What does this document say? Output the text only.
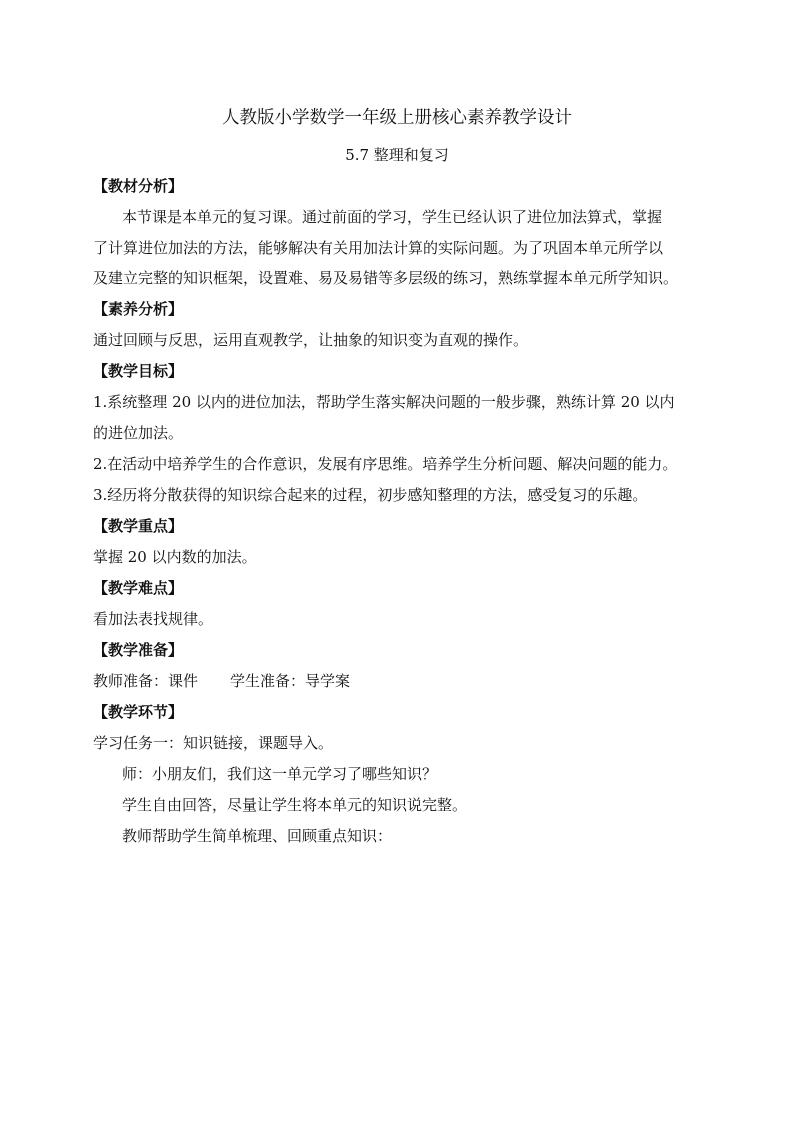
人教版小学数学一年级上册核心素养教学设计
5.7 整理和复习
【教材分析】
本节课是本单元的复习课。通过前面的学习，学生已经认识了进位加法算式，掌握
了计算进位加法的方法，能够解决有关用加法计算的实际问题。为了巩固本单元所学以
及建立完整的知识框架，设置难、易及易错等多层级的练习，熟练掌握本单元所学知识。
【素养分析】
通过回顾与反思，运用直观教学，让抽象的知识变为直观的操作。
【教学目标】
1.系统整理 20 以内的进位加法，帮助学生落实解决问题的一般步骤，熟练计算 20 以内
的进位加法。
2.在活动中培养学生的合作意识，发展有序思维。培养学生分析问题、解决问题的能力。
3.经历将分散获得的知识综合起来的过程，初步感知整理的方法，感受复习的乐趣。
【教学重点】
掌握 20 以内数的加法。
【教学难点】
看加法表找规律。
【教学准备】
教师准备：课件 学生准备：导学案
【教学环节】
学习任务一：知识链接，课题导入。
师：小朋友们，我们这一单元学习了哪些知识？
学生自由回答，尽量让学生将本单元的知识说完整。
教师帮助学生简单梳理、回顾重点知识：
